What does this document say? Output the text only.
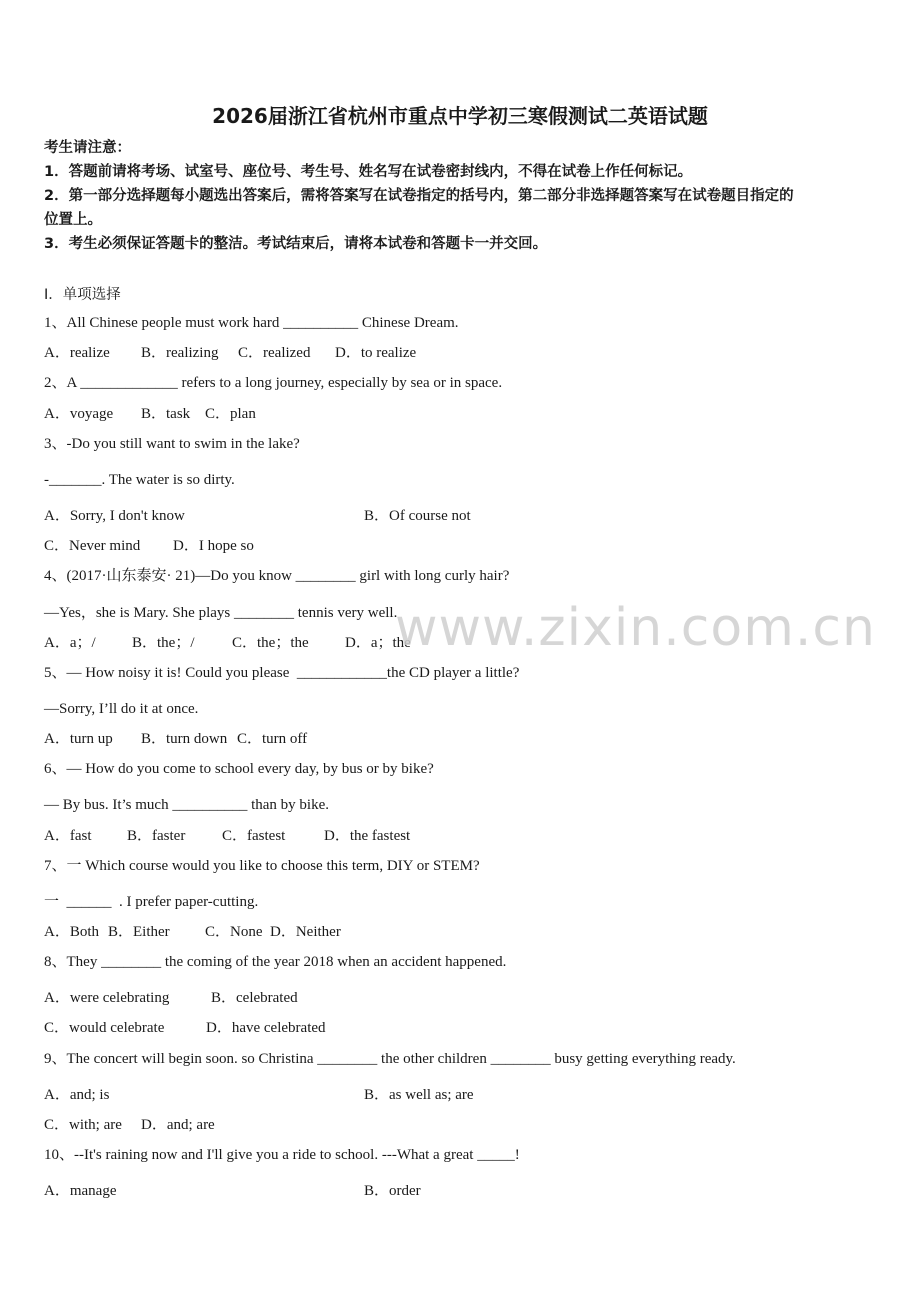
2026届浙江省杭州市重点中学初三寒假测试二英语试题
考生请注意：
1．答题前请将考场、试室号、座位号、考生号、姓名写在试卷密封线内，不得在试卷上作任何标记。
2．第一部分选择题每小题选出答案后，需将答案写在试卷指定的括号内，第二部分非选择题答案写在试卷题目指定的
位置上。
3．考生必须保证答题卡的整洁。考试结束后，请将本试卷和答题卡一并交回。
Ⅰ．单项选择
1、All Chinese people must work hard __________ Chinese Dream.
A．realize B．realizing C．realized D．to realize
2、A _____________ refers to a long journey, especially by sea or in space.
A．voyage B．task C．plan
3、-Do you still want to swim in the lake?
-_______. The water is so dirty.
A．Sorry, I don't know	B．Of course not
C．Never mind D．I hope so
4、(2017·山东泰安· 21)—Do you know ________ girl with long curly hair?
—Yes，she is Mary. She plays ________ tennis very well.
A．a；/ B．the；/	C．the；the D．a；the
www.zixin.com.cn
5、— How noisy it is! Could you please  ____________the CD player a little?
—Sorry, I’ll do it at once.
A．turn up B．turn down C．turn off
6、— How do you come to school every day, by bus or by bike?
— By bus. It’s much __________ than by bike.
A．fast B．faster C．fastest	D．the fastest
7、一 Which course would you like to choose this term, DIY or STEM?
一  ______  . I prefer paper-cutting.
A．Both B．Either C．None D．Neither
8、They ________ the coming of the year 2018 when an accident happened.
A．were celebrating	B．celebrated
C．would celebrate	D．have celebrated
9、The concert will begin soon. so Christina ________ the other children ________ busy getting everything ready.
A．and; is	B．as well as; are
C．with; are D．and; are
10、--It's raining now and I'll give you a ride to school. ---What a great _____!
A．manage	B．order
